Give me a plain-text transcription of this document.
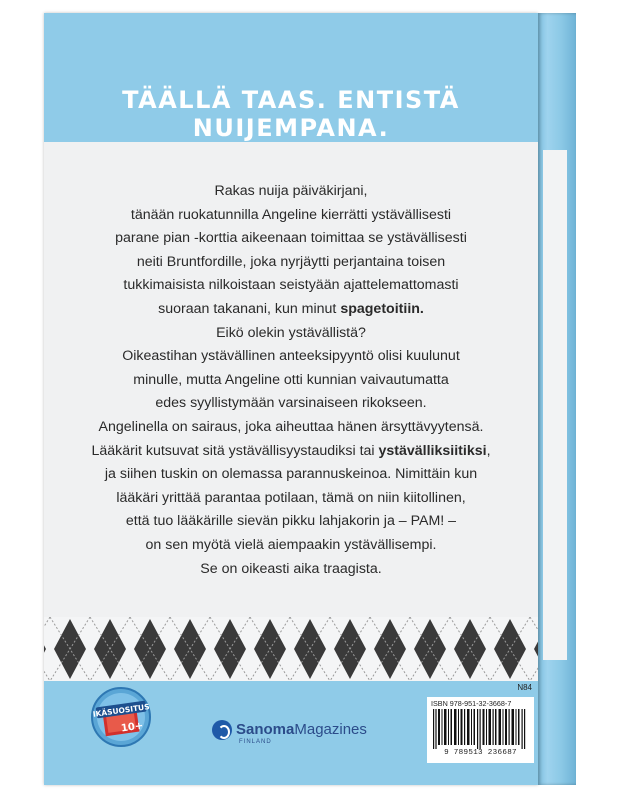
TÄÄLLÄ TAAS. ENTISTÄ NUIJEMPANA.

Rakas nuija päiväkirjani,

tänään ruokatunnilla Angeline kierrätti ystävällisesti

parane pian -korttia aikeenaan toimittaa se ystävällisesti

neiti Bruntfordille, joka nyrjäytti perjantaina toisen

tukkimaisista nilkoistaan seistyään ajattelemattomasti

suoraan takanani, kun minut spagetoitiin.

Eikö olekin ystävällistä?

Oikeastihan ystävällinen anteeksipyyntö olisi kuulunut

minulle, mutta Angeline otti kunnian vaivautumatta

edes syyllistymään varsinaiseen rikokseen.

Angelinella on sairaus, joka aiheuttaa hänen ärsyttävyytensä.

Lääkärit kutsuvat sitä ystävällisyystaudiksi tai ystävälliksiitiksi,

ja siihen tuskin on olemassa parannuskeinoa. Nimittäin kun

lääkäri yrittää parantaa potilaan, tämä on niin kiitollinen,

että tuo lääkärille sievän pikku lahjakorin ja – PAM! –

on sen myötä vielä aiempaakin ystävällisempi.

Se on oikeasti aika traagista.

IKÄSUOSITUS
10+	SanomaMagazines
FINLAND
N84
ISBN 978-951-32-3668-7
9 789513 236687
